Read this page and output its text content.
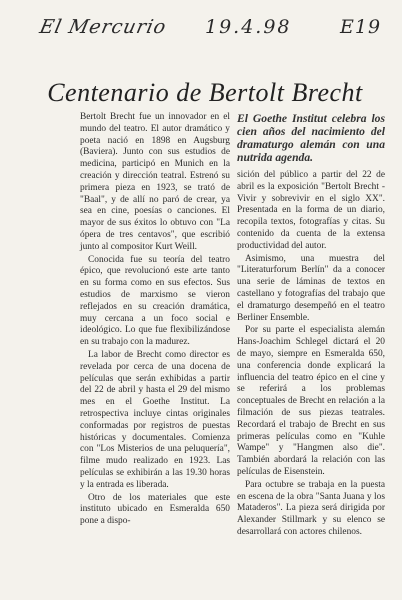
El Mercurio 19.4.98	E19
Centenario de Bertolt Brecht

Bertolt Brecht fue un innovador en el mundo del teatro. El autor dramático y poeta nació en 1898 en Augsburg (Baviera). Junto con sus estudios de medicina, participó en Munich en la creación y dirección teatral. Estrenó su primera pieza en 1923, se trató de "Baal", y de allí no paró de crear, ya sea en cine, poesías o canciones. El mayor de sus éxitos lo obtuvo con "La ópera de tres centavos", que escribió junto al compositor Kurt Weill.

Conocida fue su teoría del teatro épico, que revolucionó este arte tanto en su forma como en sus efectos. Sus estudios de marxismo se vieron reflejados en su creación dramática, muy cercana a un foco social e ideológico. Lo que fue flexibilizándose en su trabajo con la madurez.

La labor de Brecht como director es revelada por cerca de una docena de películas que serán exhibidas a partir del 22 de abril y hasta el 29 del mismo mes en el Goethe Institut. La retrospectiva incluye cintas originales conformadas por registros de puestas históricas y documentales. Comienza con "Los Misterios de una peluquería", filme mudo realizado en 1923. Las películas se exhibirán a las 19.30 horas y la entrada es liberada.

Otro de los materiales que este instituto ubicado en Esmeralda 650 pone a dispo-

El Goethe Institut celebra los cien años del nacimiento del dramaturgo alemán con una nutrida agenda.

sición del público a partir del 22 de abril es la exposición "Bertolt Brecht - Vivir y sobrevivir en el siglo XX". Presentada en la forma de un diario, recopila textos, fotografías y citas. Su contenido da cuenta de la extensa productividad del autor.

Asimismo, una muestra del "Literaturforum Berlín" da a conocer una serie de láminas de textos en castellano y fotografías del trabajo que el dramaturgo desempeñó en el teatro Berliner Ensemble.

Por su parte el especialista alemán Hans-Joachim Schlegel dictará el 20 de mayo, siempre en Esmeralda 650, una conferencia donde explicará la influencia del teatro épico en el cine y se referirá a los problemas conceptuales de Brecht en relación a la filmación de sus piezas teatrales. Recordará el trabajo de Brecht en sus primeras películas como en "Kuhle Wampe" y "Hangmen also die". También abordará la relación con las películas de Eisenstein.

Para octubre se trabaja en la puesta en escena de la obra "Santa Juana y los Mataderos". La pieza será dirigida por Alexander Stillmark y su elenco se desarrollará con actores chilenos.
